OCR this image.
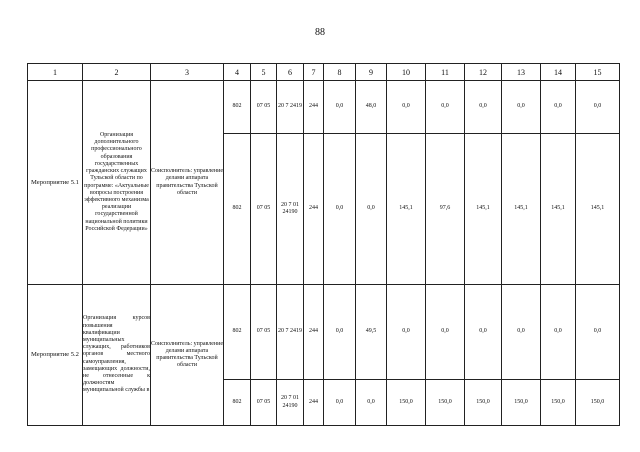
88
1	2	3	4	5	6	7	8	9	10	11	12	13	14	15
Мероприятие 5.1	Организация дополнительного профессионального образования государственных гражданских служащих Тульской области по программе: «Актуальные вопросы построения эффективного механизма реализации государственной национальной политики Российской Федерации»	Соисполнитель: управление делами аппарата правительства Тульской области	802	07 05	20 7 2419	244	0,0	48,0	0,0	0,0	0,0	0,0	0,0	0,0
			802	07 05	20 7 01 24190	244	0,0	0,0	145,1	97,6	145,1	145,1	145,1	145,1
Мероприятие 5.2	Организация курсов повышения квалификации муниципальных служащих, работников органов местного самоуправления, замещающих должности, не отнесенные к должностям муниципальной службы в	Соисполнитель: управление делами аппарата правительства Тульской области	802	07 05	20 7 2419	244	0,0	49,5	0,0	0,0	0,0	0,0	0,0	0,0
			802	07 05	20 7 01 24190	244	0,0	0,0	150,0	150,0	150,0	150,0	150,0	150,0
